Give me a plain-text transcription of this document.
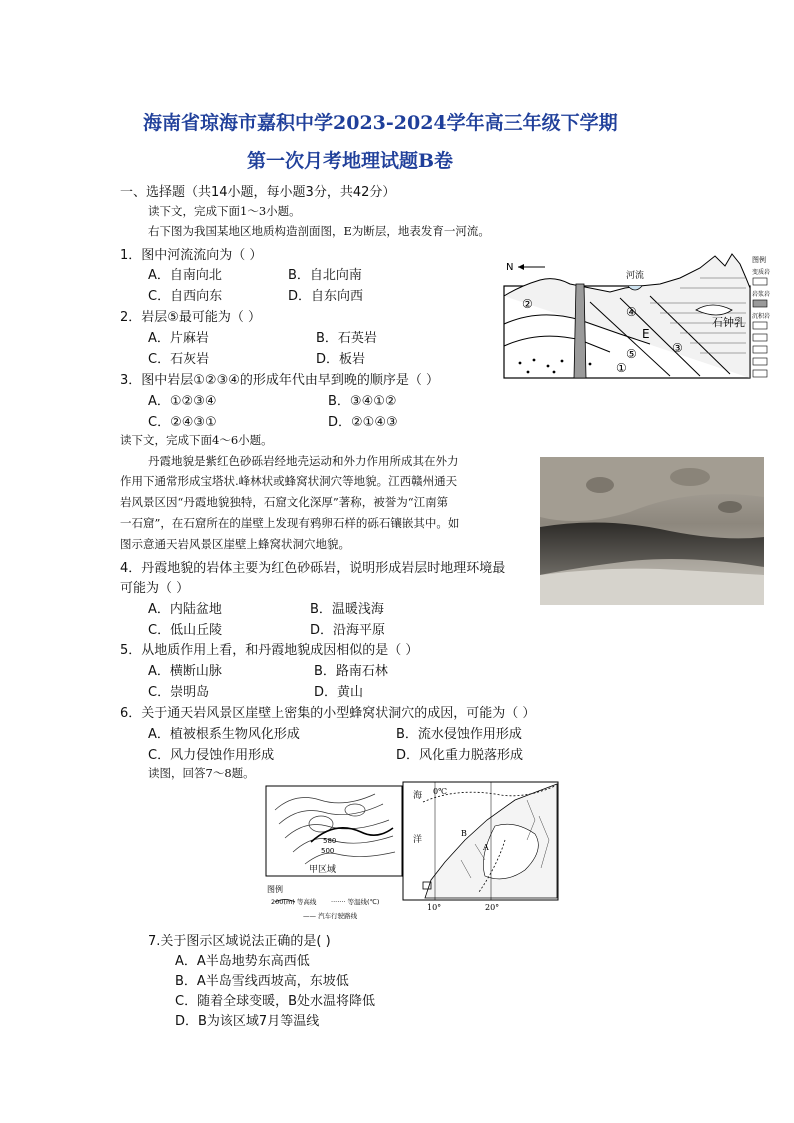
海南省琼海市嘉积中学2023-2024学年高三年级下学期
第一次月考地理试题B卷
一、选择题（共14小题，每小题3分，共42分）
读下文，完成下面1～3小题。
右下图为我国某地区地质构造剖面图，E为断层，地表发育一河流。
1．图中河流流向为（ ）
A．自南向北	B．自北向南
C．自西向东	D．自东向西
2．岩层⑤最可能为（ ）
A．片麻岩	B．石英岩
C．石灰岩	D．板岩
3．图中岩层①②③④的形成年代由早到晚的顺序是（ ）
A．①②③④	B．③④①②
C．②④③①	D．②①④③
读下文，完成下面4～6小题。
丹霞地貌是紫红色砂砾岩经地壳运动和外力作用所成其在外力
作用下通常形成宝塔状.峰林状或蜂窝状洞穴等地貌。江西赣州通天
岩风景区因“丹霞地貌独特，石窟文化深厚”著称，被誉为“江南第
一石窟”，在石窟所在的崖壁上发现有鸦卵石样的砾石镶嵌其中。如
图示意通天岩风景区崖壁上蜂窝状洞穴地貌。
4．丹霞地貌的岩体主要为红色砂砾岩，说明形成岩层时地理环境最
可能为（ ）
A．内陆盆地	B．温暖浅海
C．低山丘陵	D．沿海平原
5．从地质作用上看，和丹霞地貌成因相似的是（ ）
A．横断山脉	B．路南石林
C．崇明岛	D．黄山
6．关于通天岩风景区崖壁上密集的小型蜂窝状洞穴的成因，可能为（ ）
A．植被根系生物风化形成	B．流水侵蚀作用形成
C．风力侵蚀作用形成	D．风化重力脱落形成
读图，回答7～8题。
7.关于图示区域说法正确的是( )
A．A半岛地势东高西低
B．A半岛雪线西坡高，东坡低
C．随着全球变暖，B处水温将降低
D．B为该区域7月等温线
N
河流
石钟乳
②
④
E
⑤
①
③
图例
变质岩
岩浆岩
沉积岩
580
500
甲区域
图例
200(m) 等高线 ······· 等温线(℃)
—— 汽车行驶路线
海
洋
0℃
A
B
10°	20°
